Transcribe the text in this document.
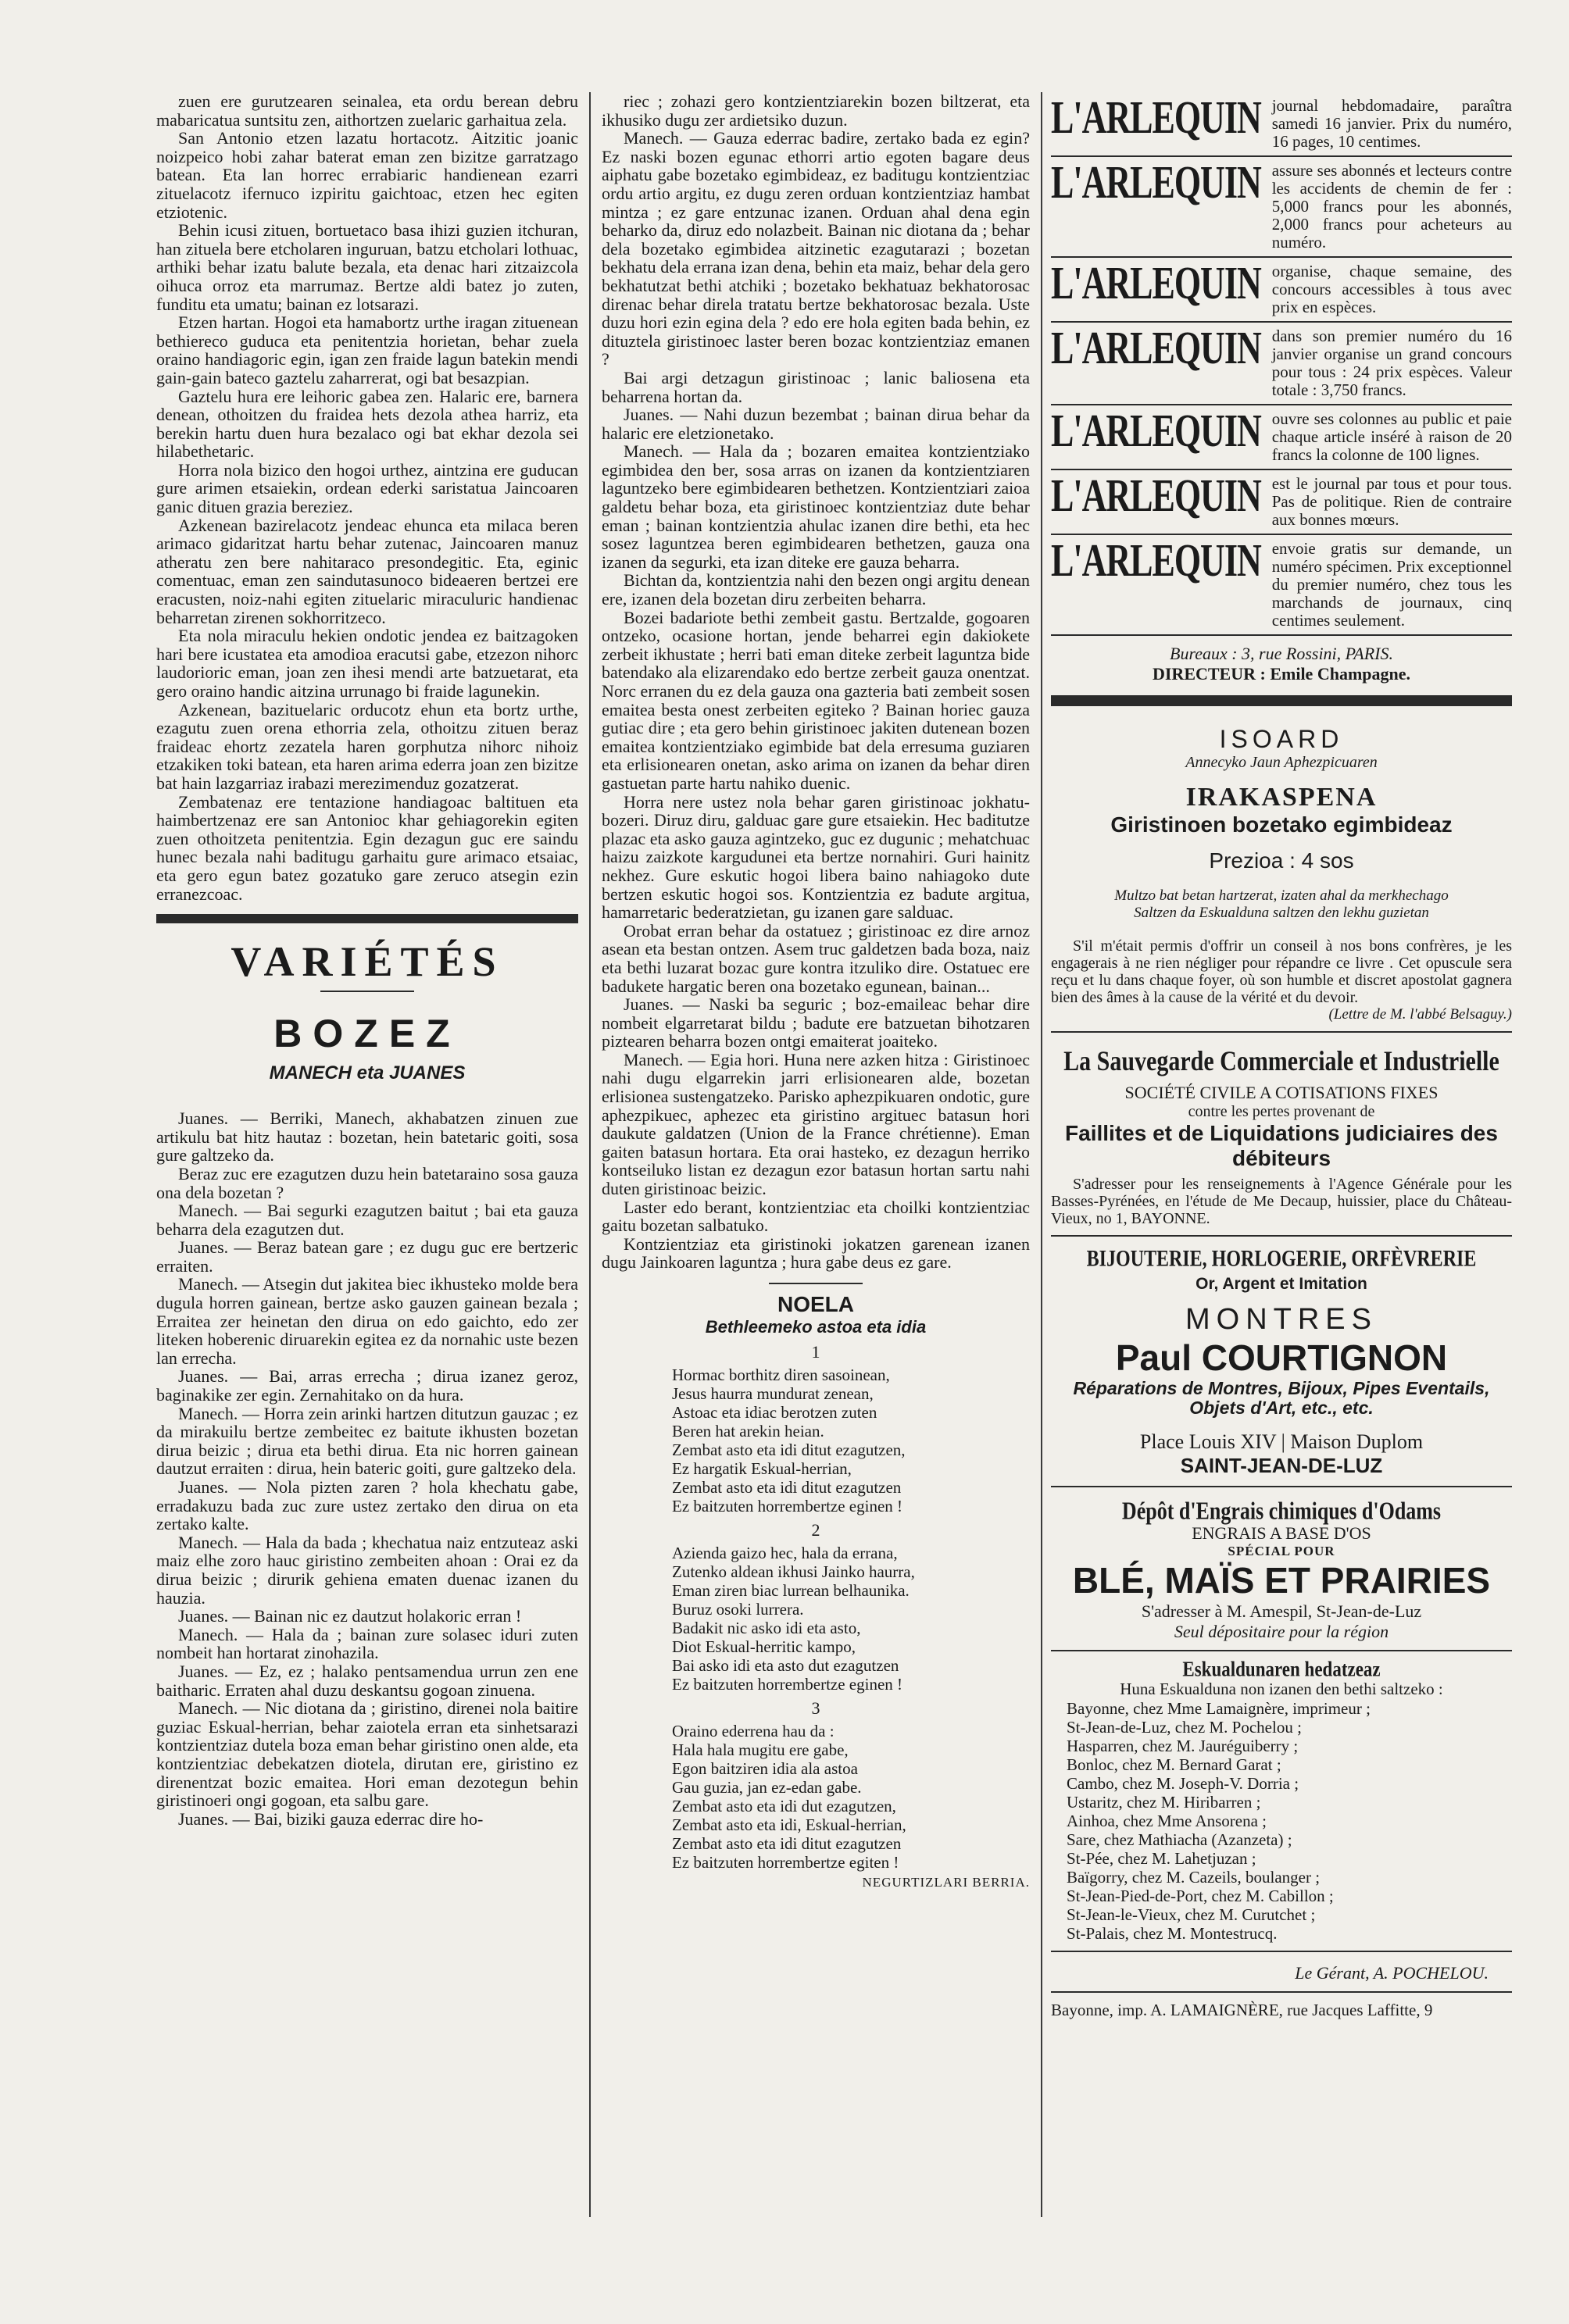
zuen ere gurutzearen seinalea, eta ordu berean debru mabaricatua suntsitu zen, aithortzen zuelaric garhaitua zela.

San Antonio etzen lazatu hortacotz. Aitzitic joanic noizpeico hobi zahar baterat eman zen bizitze garratzago batean. Eta lan horrec errabiaric handienean ezarri zituelacotz ifernuco izpiritu gaichtoac, etzen hec egiten etziotenic.

Behin icusi zituen, bortuetaco basa ihizi guzien itchuran, han zituela bere etcholaren inguruan, batzu etcholari lothuac, arthiki behar izatu balute bezala, eta denac hari zitzaizcola oihuca orroz eta marrumaz. Bertze aldi batez jo zuten, funditu eta umatu; bainan ez lotsarazi.

Etzen hartan. Hogoi eta hamabortz urthe iragan zituenean bethiereco guduca eta penitentzia horietan, behar zuela oraino handiagoric egin, igan zen fraide lagun batekin mendi gain-gain bateco gaztelu zaharrerat, ogi bat besazpian.

Gaztelu hura ere leihoric gabea zen. Halaric ere, barnera denean, othoitzen du fraidea hets dezola athea harriz, eta berekin hartu duen hura bezalaco ogi bat ekhar dezola sei hilabethetaric.

Horra nola bizico den hogoi urthez, aintzina ere guducan gure arimen etsaiekin, ordean ederki saristatua Jaincoaren ganic dituen grazia bereziez.

Azkenean bazirelacotz jendeac ehunca eta milaca beren arimaco gidaritzat hartu behar zutenac, Jaincoaren manuz atheratu zen bere nahitaraco presondegitic. Eta, eginic comentuac, eman zen saindutasunoco bideaeren bertzei ere eracusten, noiz-nahi egiten zituelaric miraculuric handienac beharretan zirenen sokhorritzeco.

Eta nola miraculu hekien ondotic jendea ez baitzagoken hari bere icustatea eta amodioa eracutsi gabe, etzezon nihorc laudorioric eman, joan zen ihesi mendi arte batzuetarat, eta gero oraino handic aitzina urrunago bi fraide lagunekin.

Azkenean, bazituelaric orducotz ehun eta bortz urthe, ezagutu zuen orena ethorria zela, othoitzu zituen beraz fraideac ehortz zezatela haren gorphutza nihorc nihoiz etzakiken toki batean, eta haren arima ederra joan zen bizitze bat hain lazgarriaz irabazi merezimenduz gozatzerat.

Zembatenaz ere tentazione handiagoac baltituen eta haimbertzenaz ere san Antonioc khar gehiagorekin egiten zuen othoitzeta penitentzia. Egin dezagun guc ere saindu hunec bezala nahi baditugu garhaitu gure arimaco etsaiac, eta gero egun batez gozatuko gare zeruco atsegin ezin erranezcoac.

VARIÉTÉS
BOZEZ
MANECH eta JUANES

Juanes. — Berriki, Manech, akhabatzen zinuen zue artikulu bat hitz hautaz : bozetan, hein batetaric goiti, sosa gure galtzeko da.

Beraz zuc ere ezagutzen duzu hein batetaraino sosa gauza ona dela bozetan ?

Manech. — Bai segurki ezagutzen baitut ; bai eta gauza beharra dela ezagutzen dut.

Juanes. — Beraz batean gare ; ez dugu guc ere bertzeric erraiten.

Manech. — Atsegin dut jakitea biec ikhusteko molde bera dugula horren gainean, bertze asko gauzen gainean bezala ; Erraitea zer heinetan den dirua on edo gaichto, edo zer liteken hoberenic diruarekin egitea ez da nornahic uste bezen lan errecha.

Juanes. — Bai, arras errecha ; dirua izanez geroz, baginakike zer egin. Zernahitako on da hura.

Manech. — Horra zein arinki hartzen ditutzun gauzac ; ez da mirakuilu bertze zembeitec ez baitute ikhusten bozetan dirua beizic ; dirua eta bethi dirua. Eta nic horren gainean dautzut erraiten : dirua, hein bateric goiti, gure galtzeko dela.

Juanes. — Nola pizten zaren ? hola khechatu gabe, erradakuzu bada zuc zure ustez zertako den dirua on eta zertako kalte.

Manech. — Hala da bada ; khechatua naiz entzuteaz aski maiz elhe zoro hauc giristino zembeiten ahoan : Orai ez da dirua beizic ; dirurik gehiena ematen duenac izanen du hauzia.

Juanes. — Bainan nic ez dautzut holakoric erran !

Manech. — Hala da ; bainan zure solasec iduri zuten nombeit han hortarat zinohazila.

Juanes. — Ez, ez ; halako pentsamendua urrun zen ene baitharic. Erraten ahal duzu deskantsu gogoan zinuena.

Manech. — Nic diotana da ; giristino, direnei nola baitire guziac Eskual-herrian, behar zaiotela erran eta sinhetsarazi kontzientziaz dutela boza eman behar giristino onen alde, eta kontzientziac debekatzen diotela, dirutan ere, giristino ez direnentzat bozic emaitea. Hori eman dezotegun behin giristinoeri ongi gogoan, eta salbu gare.

Juanes. — Bai, biziki gauza ederrac dire ho-

riec ; zohazi gero kontzientziarekin bozen biltzerat, eta ikhusiko dugu zer ardietsiko duzun.

Manech. — Gauza ederrac badire, zertako bada ez egin? Ez naski bozen egunac ethorri artio egoten bagare deus aiphatu gabe bozetako egimbideaz, ez baditugu kontzientziac ordu artio argitu, ez dugu zeren orduan kontzientziaz hambat mintza ; ez gare entzunac izanen. Orduan ahal dena egin beharko da, diruz edo nolazbeit. Bainan nic diotana da ; behar dela bozetako egimbidea aitzinetic ezagutarazi ; bozetan bekhatu dela errana izan dena, behin eta maiz, behar dela gero bekhatutzat bethi atchiki ; bozetako bekhatuaz bekhatorosac direnac behar direla tratatu bertze bekhatorosac bezala. Uste duzu hori ezin egina dela ? edo ere hola egiten bada behin, ez dituztela giristinoec laster beren bozac kontzientziaz emanen ?

Bai argi detzagun giristinoac ; lanic baliosena eta beharrena hortan da.

Juanes. — Nahi duzun bezembat ; bainan dirua behar da halaric ere eletzionetako.

Manech. — Hala da ; bozaren emaitea kontzientziako egimbidea den ber, sosa arras on izanen da kontzientziaren laguntzeko bere egimbidearen bethetzen. Kontzientziari zaioa galdetu behar boza, eta giristinoec kontzientziaz dute behar eman ; bainan kontzientzia ahulac izanen dire bethi, eta hec sosez laguntzea beren egimbidearen bethetzen, gauza ona izanen da segurki, eta izan diteke ere gauza beharra.

Bichtan da, kontzientzia nahi den bezen ongi argitu denean ere, izanen dela bozetan diru zerbeiten beharra.

Bozei badariote bethi zembeit gastu. Bertzalde, gogoaren ontzeko, ocasione hortan, jende beharrei egin dakiokete zerbeit ikhustate ; herri bati eman diteke zerbeit laguntza bide batendako ala elizarendako edo bertze zerbeit gauza onentzat. Norc erranen du ez dela gauza ona gazteria bati zembeit sosen emaitea besta onest zerbeiten egiteko ? Bainan horiec gauza gutiac dire ; eta gero behin giristinoec jakiten dutenean bozen emaitea kontzientziako egimbide bat dela erresuma guziaren eta erlisionearen onetan, asko arima on izanen da behar diren gastuetan parte hartu nahiko duenic.

Horra nere ustez nola behar garen giristinoac jokhatu-bozeri. Diruz diru, galduac gare gure etsaiekin. Hec baditutze plazac eta asko gauza agintzeko, guc ez dugunic ; mehatchuac haizu zaizkote kargudunei eta bertze nornahiri. Guri hainitz nekhez. Gure eskutic hogoi libera baino nahiagoko dute bertzen eskutic hogoi sos. Kontzientzia ez badute argitua, hamarretaric bederatzietan, gu izanen gare salduac.

Orobat erran behar da ostatuez ; giristinoac ez dire arnoz asean eta bestan ontzen. Asem truc galdetzen bada boza, naiz eta bethi luzarat bozac gure kontra itzuliko dire. Ostatuec ere badukete hargatic beren ona bozetako egunean, bainan...

Juanes. — Naski ba seguric ; boz-emaileac behar dire nombeit elgarretarat bildu ; badute ere batzuetan bihotzaren piztearen beharra bozen ontgi emaiterat joaiteko.

Manech. — Egia hori. Huna nere azken hitza : Giristinoec nahi dugu elgarrekin jarri erlisionearen alde, bozetan erlisionea sustengatzeko. Parisko aphezpikuaren ondotic, gure aphezpikuec, aphezec eta giristino argituec batasun hori daukute galdatzen (Union de la France chrétienne). Eman gaiten batasun hortara. Eta orai hasteko, ez dezagun herriko kontseiluko listan ez dezagun ezor batasun hortan sartu nahi duten giristinoac beizic.

Laster edo berant, kontzientziac eta choilki kontzientziac gaitu bozetan salbatuko.

Kontzientziaz eta giristinoki jokatzen garenean izanen dugu Jainkoaren laguntza ; hura gabe deus ez gare.

NOELA
Bethleemeko astoa eta idia
1
Hormac borthitz diren sasoinean,
Jesus haurra mundurat zenean,
Astoac eta idiac berotzen zuten
Beren hat arekin heian.
Zembat asto eta idi ditut ezagutzen,
Ez hargatik Eskual-herrian,
Zembat asto eta idi ditut ezagutzen
Ez baitzuten horrembertze eginen !
2
Azienda gaizo hec, hala da errana,
Zutenko aldean ikhusi Jainko haurra,
Eman ziren biac lurrean belhaunika.
Buruz osoki lurrera.
Badakit nic asko idi eta asto,
Diot Eskual-herritic kampo,
Bai asko idi eta asto dut ezagutzen
Ez baitzuten horrembertze eginen !
3
Oraino ederrena hau da :
Hala hala mugitu ere gabe,
Egon baitziren idia ala astoa
Gau guzia, jan ez-edan gabe.
Zembat asto eta idi dut ezagutzen,
Zembat asto eta idi, Eskual-herrian,
Zembat asto eta idi ditut ezagutzen
Ez baitzuten horrembertze egiten !
NEGURTIZLARI BERRIA.
L'ARLEQUIN journal hebdomadaire, paraîtra samedi 16 janvier. Prix du numéro, 16 pages, 10 centimes.
L'ARLEQUIN assure ses abonnés et lecteurs contre les accidents de chemin de fer : 5,000 francs pour les abonnés, 2,000 francs pour acheteurs au numéro.
L'ARLEQUIN organise, chaque semaine, des concours accessibles à tous avec prix en espèces.
L'ARLEQUIN dans son premier numéro du 16 janvier organise un grand concours pour tous : 24 prix espèces. Valeur totale : 3,750 francs.
L'ARLEQUIN ouvre ses colonnes au public et paie chaque article inséré à raison de 20 francs la colonne de 100 lignes.
L'ARLEQUIN est le journal par tous et pour tous. Pas de politique. Rien de contraire aux bonnes mœurs.
L'ARLEQUIN envoie gratis sur demande, un numéro spécimen. Prix exceptionnel du premier numéro, chez tous les marchands de journaux, cinq centimes seulement.
Bureaux : 3, rue Rossini, PARIS.
DIRECTEUR : Emile Champagne.
ISOARD
Annecyko Jaun Aphezpicuaren
IRAKASPENA
Giristinoen bozetako egimbideaz
Prezioa : 4 sos
Multzo bat betan hartzerat, izaten ahal da merkhechago
Saltzen da Eskualduna saltzen den lekhu guzietan

S'il m'était permis d'offrir un conseil à nos bons confrères, je les engagerais à ne rien négliger pour répandre ce livre . Cet opuscule sera reçu et lu dans chaque foyer, où son humble et discret apostolat gagnera bien des âmes à la cause de la vérité et du devoir.

(Lettre de M. l'abbé Belsaguy.)
La Sauvegarde Commerciale et Industrielle
SOCIÉTÉ CIVILE A COTISATIONS FIXES
contre les pertes provenant de
Faillites et de Liquidations judiciaires des débiteurs

S'adresser pour les renseignements à l'Agence Générale pour les Basses-Pyrénées, en l'étude de Me Decaup, huissier, place du Château-Vieux, no 1, BAYONNE.

BIJOUTERIE, HORLOGERIE, ORFÈVRERIE
Or, Argent et Imitation
MONTRES
Paul COURTIGNON
Réparations de Montres, Bijoux, Pipes Eventails, Objets d'Art, etc., etc.
Place Louis XIV | Maison Duplom
SAINT-JEAN-DE-LUZ
Dépôt d'Engrais chimiques d'Odams
ENGRAIS A BASE D'OS
SPÉCIAL POUR
BLÉ, MAÏS ET PRAIRIES
S'adresser à M. Amespil, St-Jean-de-Luz
Seul dépositaire pour la région
Eskualdunaren hedatzeaz
Huna Eskualduna non izanen den bethi saltzeko :
Bayonne, chez Mme Lamaignère, imprimeur ;
St-Jean-de-Luz, chez M. Pochelou ;
Hasparren, chez M. Jauréguiberry ;
Bonloc, chez M. Bernard Garat ;
Cambo, chez M. Joseph-V. Dorria ;
Ustaritz, chez M. Hiribarren ;
Ainhoa, chez Mme Ansorena ;
Sare, chez Mathiacha (Azanzeta) ;
St-Pée, chez M. Lahetjuzan ;
Baïgorry, chez M. Cazeils, boulanger ;
St-Jean-Pied-de-Port, chez M. Cabillon ;
St-Jean-le-Vieux, chez M. Curutchet ;
St-Palais, chez M. Montestrucq.
Le Gérant, A. POCHELOU.
Bayonne, imp. A. LAMAIGNÈRE, rue Jacques Laffitte, 9
